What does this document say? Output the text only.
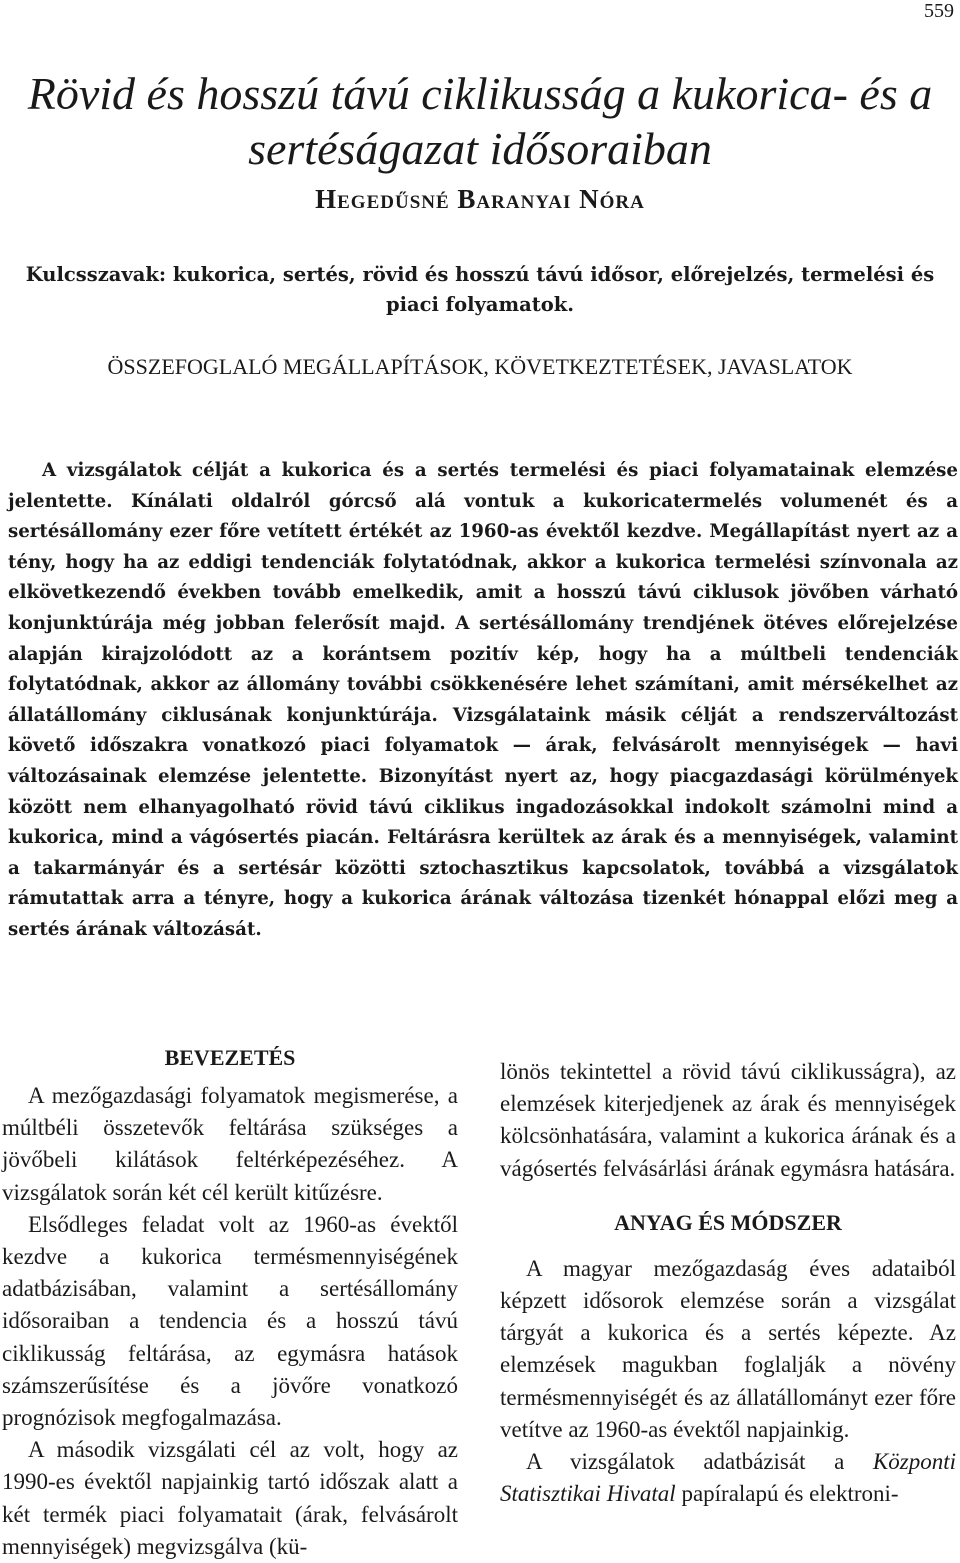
559
Rövid és hosszú távú ciklikusság a kukorica- és a sertéságazat idősoraiban
Hegedűsné Baranyai Nóra
Kulcsszavak: kukorica, sertés, rövid és hosszú távú idősor, előrejelzés, termelési és piaci folyamatok.
ÖSSZEFOGLALÓ MEGÁLLAPÍTÁSOK, KÖVETKEZTETÉSEK, JAVASLATOK

A vizsgálatok célját a kukorica és a sertés termelési és piaci folyamatainak elemzése jelentette. Kínálati oldalról górcső alá vontuk a kukoricatermelés volumenét és a sertésállomány ezer főre vetített értékét az 1960-as évektől kezdve. Megállapítást nyert az a tény, hogy ha az eddigi tendenciák folytatódnak, akkor a kukorica termelési színvonala az elkövetkezendő években tovább emelkedik, amit a hosszú távú ciklusok jövőben várható konjunktúrája még jobban felerősít majd. A sertésállomány trendjének ötéves előrejelzése alapján kirajzolódott az a korántsem pozitív kép, hogy ha a múltbeli tendenciák folytatódnak, akkor az állomány további csökkenésére lehet számítani, amit mérsékelhet az állatállomány ciklusának konjunktúrája. Vizsgálataink másik célját a rendszerváltozást követő időszakra vonatkozó piaci folyamatok — árak, felvásárolt mennyiségek — havi változásainak elemzése jelentette. Bizonyítást nyert az, hogy piacgazdasági körülmények között nem elhanyagolható rövid távú ciklikus ingadozásokkal indokolt számolni mind a kukorica, mind a vágósertés piacán. Feltárásra kerültek az árak és a mennyiségek, valamint a takarmányár és a sertésár közötti sztochasztikus kapcsolatok, továbbá a vizsgálatok rámutattak arra a tényre, hogy a kukorica árának változása tizenkét hónappal előzi meg a sertés árának változását.

BEVEZETÉS

A mezőgazdasági folyamatok megismerése, a múltbéli összetevők feltárása szükséges a jövőbeli kilátások feltérképezéséhez. A vizsgálatok során két cél került kitűzésre.

Elsődleges feladat volt az 1960-as évektől kezdve a kukorica termésmennyiségének adatbázisában, valamint a sertésállomány idősoraiban a tendencia és a hosszú távú ciklikusság feltárása, az egymásra hatások számszerűsítése és a jövőre vonatkozó prognózisok megfogalmazása.

A második vizsgálati cél az volt, hogy az 1990-es évektől napjainkig tartó időszak alatt a két termék piaci folyamatait (árak, felvásárolt mennyiségek) megvizsgálva (kü-

lönös tekintettel a rövid távú ciklikusságra), az elemzések kiterjedjenek az árak és mennyiségek kölcsönhatására, valamint a kukorica árának és a vágósertés felvásárlási árának egymásra hatására.

ANYAG ÉS MÓDSZER

A magyar mezőgazdaság éves adataiból képzett idősorok elemzése során a vizsgálat tárgyát a kukorica és a sertés képezte. Az elemzések magukban foglalják a növény termésmennyiségét és az állatállományt ezer főre vetítve az 1960-as évektől napjainkig.

A vizsgálatok adatbázisát a Központi Statisztikai Hivatal papíralapú és elektroni-
